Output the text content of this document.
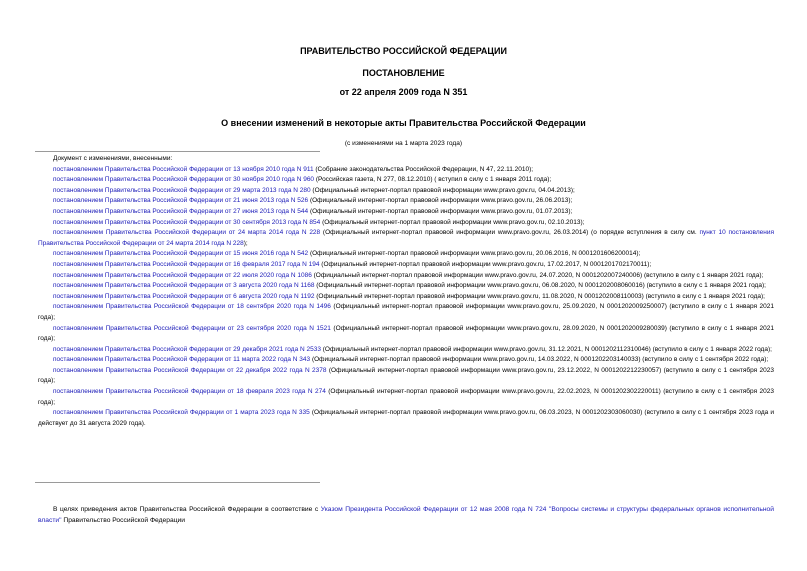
ПРАВИТЕЛЬСТВО РОССИЙСКОЙ ФЕДЕРАЦИИ

ПОСТАНОВЛЕНИЕ

от 22 апреля 2009 года N 351

О внесении изменений в некоторые акты Правительства Российской Федерации

(с изменениями на 1 марта 2023 года)

Документ с изменениями, внесенными:

постановлением Правительства Российской Федерации от 13 ноября 2010 года N 911 (Собрание законодательства Российской Федерации, N 47, 22.11.2010);

постановлением Правительства Российской Федерации от 30 ноября 2010 года N 960 (Российская газета, N 277, 08.12.2010) ( вступил в силу с 1 января 2011 года);

постановлением Правительства Российской Федерации от 29 марта 2013 года N 280 (Официальный интернет-портал правовой информации www.pravo.gov.ru, 04.04.2013);

постановлением Правительства Российской Федерации от 21 июня 2013 года N 526 (Официальный интернет-портал правовой информации www.pravo.gov.ru, 26.06.2013);

постановлением Правительства Российской Федерации от 27 июня 2013 года N 544 (Официальный интернет-портал правовой информации www.pravo.gov.ru, 01.07.2013);

постановлением Правительства Российской Федерации от 30 сентября 2013 года N 854 (Официальный интернет-портал правовой информации www.pravo.gov.ru, 02.10.2013);

постановлением Правительства Российской Федерации от 24 марта 2014 года N 228 (Официальный интернет-портал правовой информации www.pravo.gov.ru, 26.03.2014) (о порядке вступления в силу см. пункт 10 постановления Правительства Российской Федерации от 24 марта 2014 года N 228);

постановлением Правительства Российской Федерации от 15 июня 2016 года N 542 (Официальный интернет-портал правовой информации www.pravo.gov.ru, 20.06.2016, N 0001201606200014);

постановлением Правительства Российской Федерации от 16 февраля 2017 года N 194 (Официальный интернет-портал правовой информации www.pravo.gov.ru, 17.02.2017, N 0001201702170011);

постановлением Правительства Российской Федерации от 22 июля 2020 года N 1086 (Официальный интернет-портал правовой информации www.pravo.gov.ru, 24.07.2020, N 0001202007240006) (вступило в силу с 1 января 2021 года);

постановлением Правительства Российской Федерации от 3 августа 2020 года N 1168 (Официальный интернет-портал правовой информации www.pravo.gov.ru, 06.08.2020, N 0001202008060016) (вступило в силу с 1 января 2021 года);

постановлением Правительства Российской Федерации от 6 августа 2020 года N 1192 (Официальный интернет-портал правовой информации www.pravo.gov.ru, 11.08.2020, N 0001202008110003) (вступило в силу с 1 января 2021 года);

постановлением Правительства Российской Федерации от 18 сентября 2020 года N 1496 (Официальный интернет-портал правовой информации www.pravo.gov.ru, 25.09.2020, N 0001202009250007) (вступило в силу с 1 января 2021 года);

постановлением Правительства Российской Федерации от 23 сентября 2020 года N 1521 (Официальный интернет-портал правовой информации www.pravo.gov.ru, 28.09.2020, N 0001202009280039) (вступило в силу с 1 января 2021 года);

постановлением Правительства Российской Федерации от 29 декабря 2021 года N 2533 (Официальный интернет-портал правовой информации www.pravo.gov.ru, 31.12.2021, N 0001202112310046) (вступило в силу с 1 января 2022 года);

постановлением Правительства Российской Федерации от 11 марта 2022 года N 343 (Официальный интернет-портал правовой информации www.pravo.gov.ru, 14.03.2022, N 0001202203140033) (вступило в силу с 1 сентября 2022 года);

постановлением Правительства Российской Федерации от 22 декабря 2022 года N 2378 (Официальный интернет-портал правовой информации www.pravo.gov.ru, 23.12.2022, N 0001202212230057) (вступило в силу с 1 сентября 2023 года);

постановлением Правительства Российской Федерации от 18 февраля 2023 года N 274 (Официальный интернет-портал правовой информации www.pravo.gov.ru, 22.02.2023, N 0001202302220011) (вступило в силу с 1 сентября 2023 года);

постановлением Правительства Российской Федерации от 1 марта 2023 года N 335 (Официальный интернет-портал правовой информации www.pravo.gov.ru, 06.03.2023, N 0001202303060030) (вступило в силу с 1 сентября 2023 года и действует до 31 августа 2029 года).

В целях приведения актов Правительства Российской Федерации в соответствие с Указом Президента Российской Федерации от 12 мая 2008 года N 724 "Вопросы системы и структуры федеральных органов исполнительной власти" Правительство Российской Федерации
